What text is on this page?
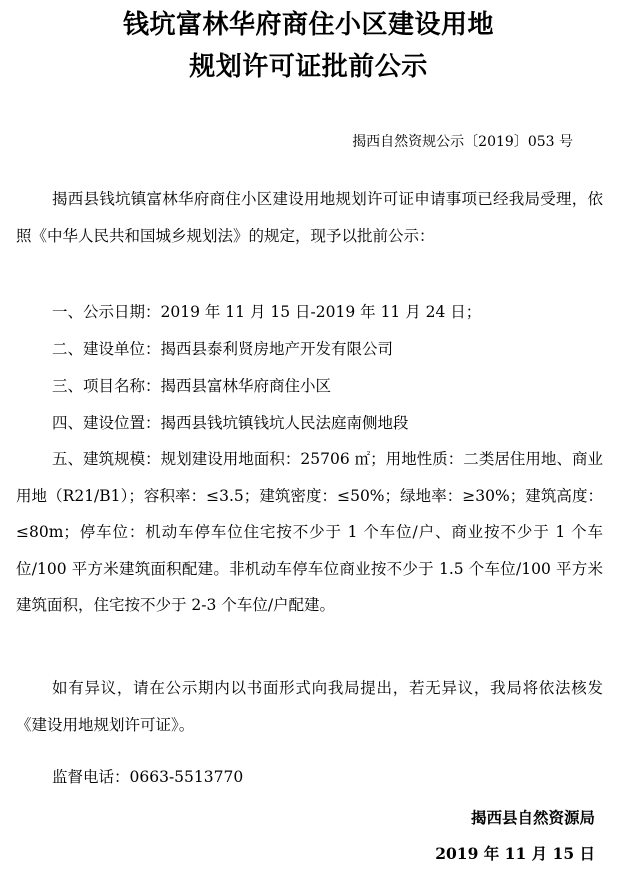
钱坑富林华府商住小区建设用地
规划许可证批前公示
揭西自然资规公示〔2019〕053 号

揭西县钱坑镇富林华府商住小区建设用地规划许可证申请事项已经我局受理，依照《中华人民共和国城乡规划法》的规定，现予以批前公示：

一、公示日期：2019 年 11 月 15 日-2019 年 11 月 24 日；

二、建设单位：揭西县泰利贤房地产开发有限公司

三、项目名称：揭西县富林华府商住小区

四、建设位置：揭西县钱坑镇钱坑人民法庭南侧地段

五、建筑规模：规划建设用地面积：25706 ㎡；用地性质：二类居住用地、商业用地（R21/B1）；容积率：≤3.5；建筑密度：≤50%；绿地率：≥30%；建筑高度：≤80m；停车位：机动车停车位住宅按不少于 1 个车位/户、商业按不少于 1 个车位/100 平方米建筑面积配建。非机动车停车位商业按不少于 1.5 个车位/100 平方米建筑面积，住宅按不少于 2-3 个车位/户配建。

如有异议，请在公示期内以书面形式向我局提出，若无异议，我局将依法核发《建设用地规划许可证》。

监督电话：0663-5513770

揭西县自然资源局
2019 年 11 月 15 日
